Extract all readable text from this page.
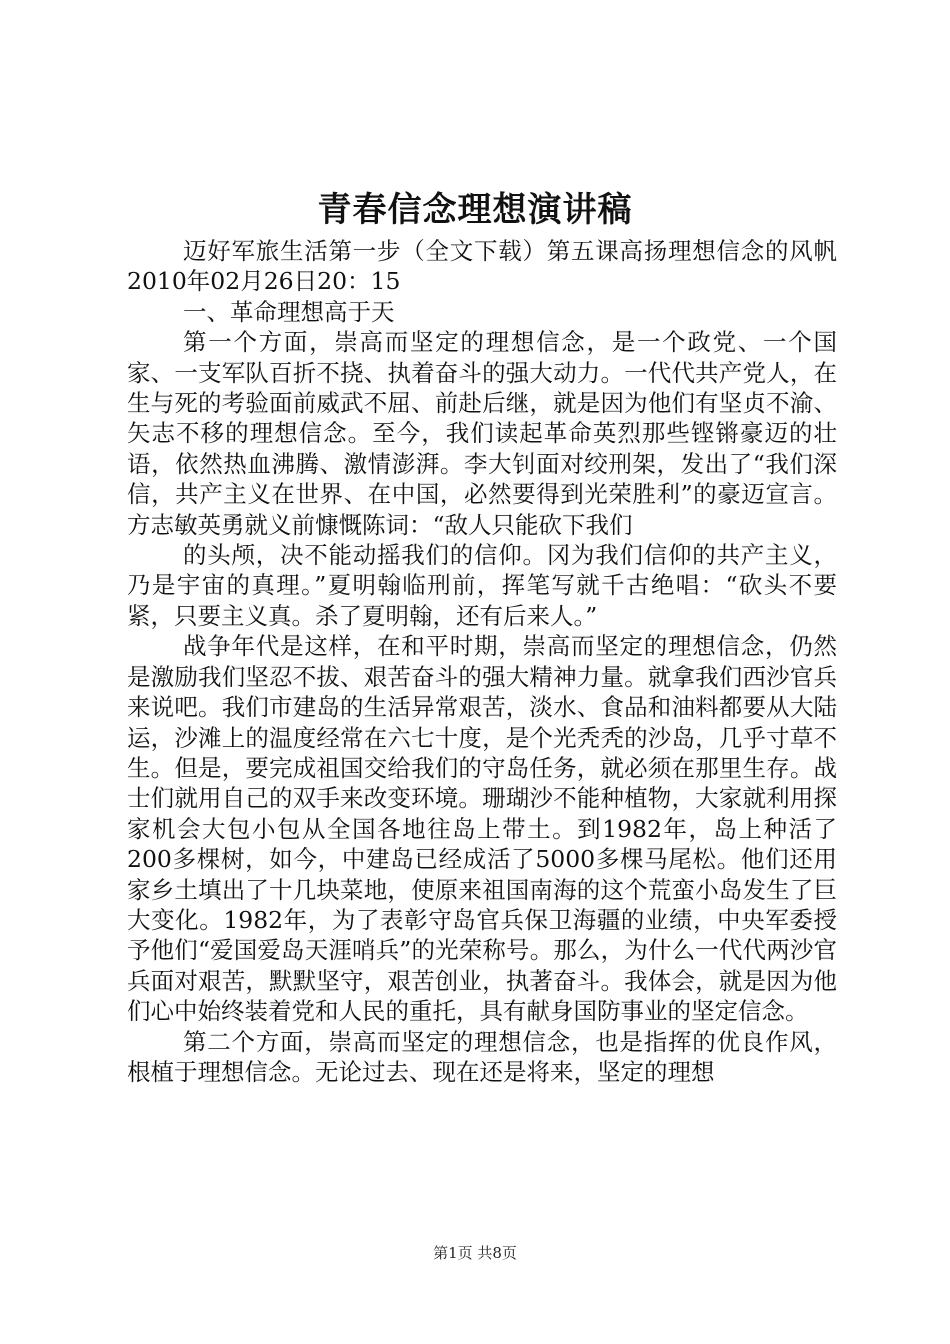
青春信念理想演讲稿

迈好军旅生活第一步（全文下载）第五课高扬理想信念的风帆2010年02月26日20：15

一、革命理想高于天

第一个方面，崇高而坚定的理想信念，是一个政党、一个国家、一支军队百折不挠、执着奋斗的强大动力。一代代共产党人，在生与死的考验面前威武不屈、前赴后继，就是因为他们有坚贞不渝、矢志不移的理想信念。至今，我们读起革命英烈那些铿锵豪迈的壮语，依然热血沸腾、激情澎湃。李大钊面对绞刑架，发出了“我们深信，共产主义在世界、在中国，必然要得到光荣胜利”的豪迈宣言。方志敏英勇就义前慷慨陈词：“敌人只能砍下我们

的头颅，决不能动摇我们的信仰。冈为我们信仰的共产主义，乃是宇宙的真理。”夏明翰临刑前，挥笔写就千古绝唱：“砍头不要紧，只要主义真。杀了夏明翰，还有后来人。”

战争年代是这样，在和平时期，崇高而坚定的理想信念，仍然是激励我们坚忍不拔、艰苦奋斗的强大精神力量。就拿我们西沙官兵来说吧。我们市建岛的生活异常艰苦，淡水、食品和油料都要从大陆运，沙滩上的温度经常在六七十度，是个光秃秃的沙岛，几乎寸草不生。但是，要完成祖国交给我们的守岛任务，就必须在那里生存。战士们就用自己的双手来改变环境。珊瑚沙不能种植物，大家就利用探家机会大包小包从全国各地往岛上带土。到1982年，岛上种活了200多棵树，如今，中建岛已经成活了5000多棵马尾松。他们还用家乡土填出了十几块菜地，使原来祖国南海的这个荒蛮小岛发生了巨大变化。1982年，为了表彰守岛官兵保卫海疆的业绩，中央军委授予他们“爱国爱岛天涯哨兵”的光荣称号。那么，为什么一代代两沙官兵面对艰苦，默默坚守，艰苦创业，执著奋斗。我体会，就是因为他们心中始终装着党和人民的重托，具有献身国防事业的坚定信念。

第二个方面，崇高而坚定的理想信念，也是指挥的优良作风，根植于理想信念。无论过去、现在还是将来，坚定的理想

第1页 共8页
